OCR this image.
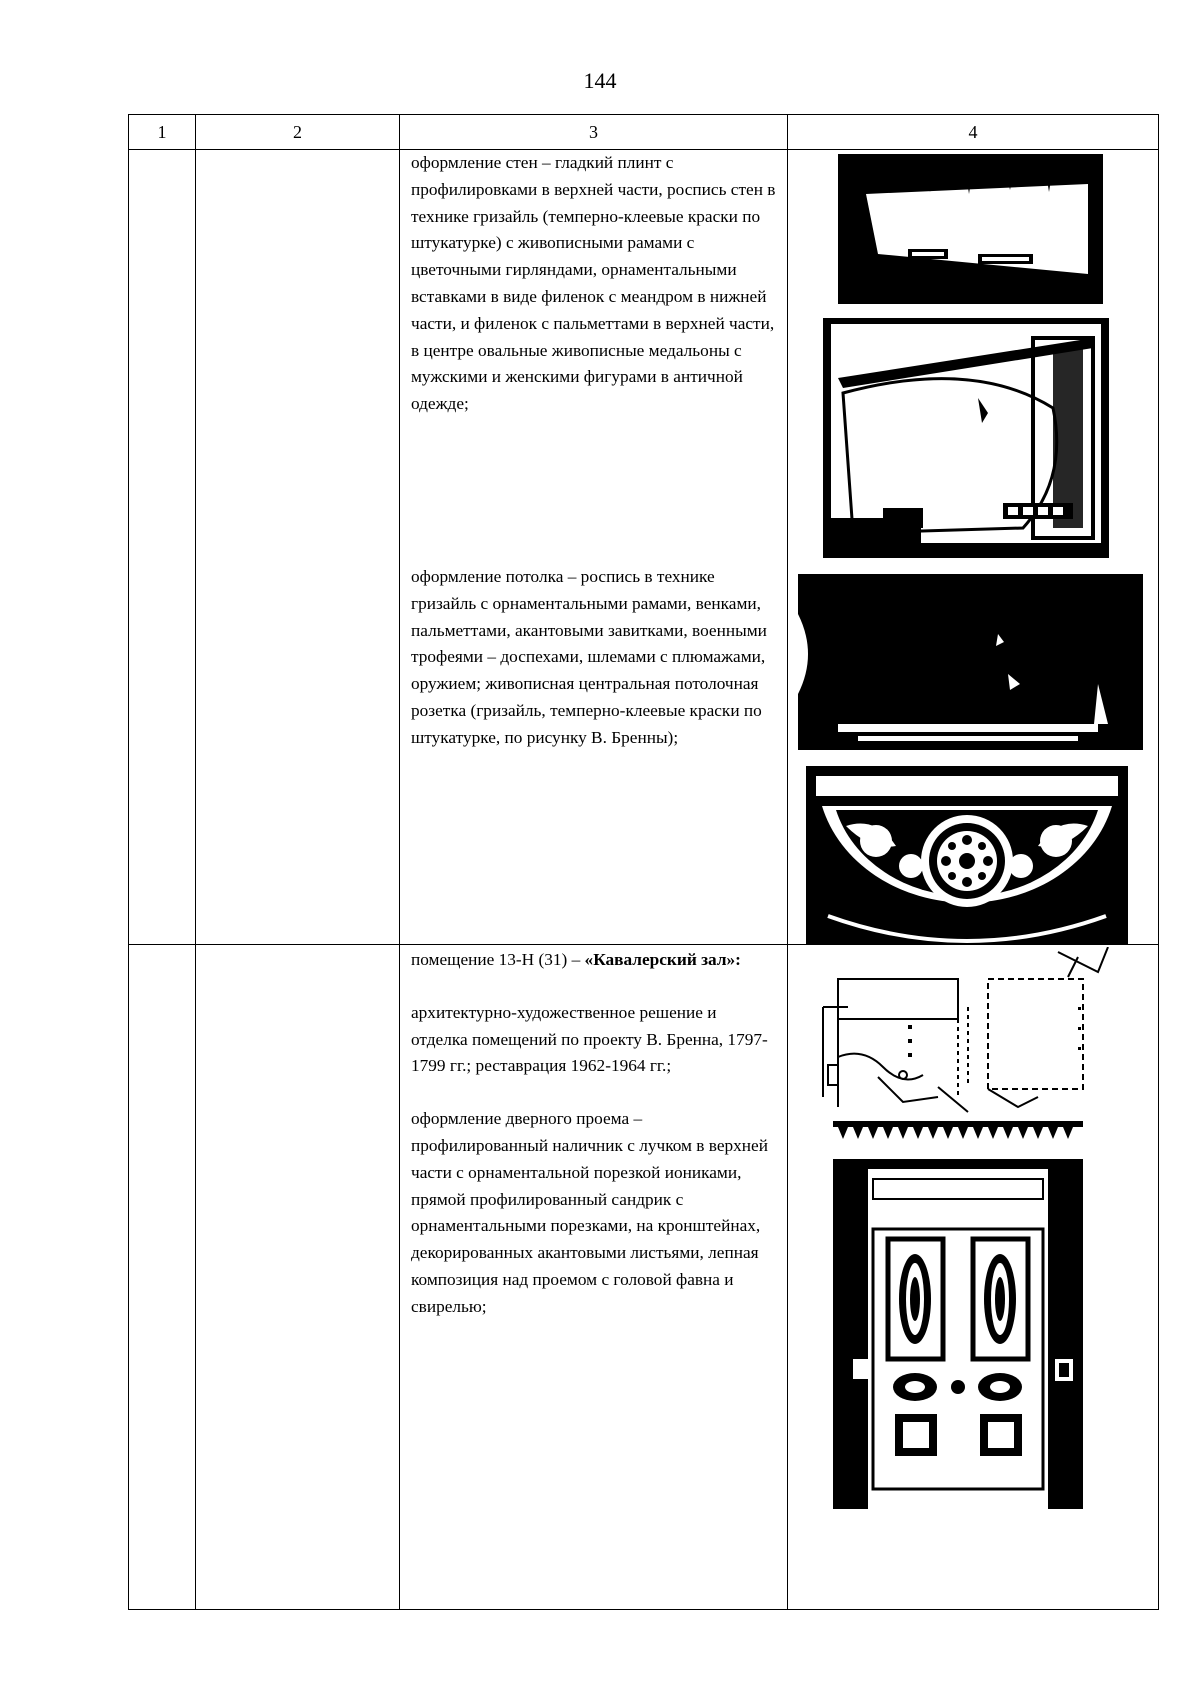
144
1	2	3	4

		оформление стен – гладкий плинт с профилировками в верхней части, роспись стен в технике гризайль (темперно-клеевые краски по штукатурке) с живописными рамами с цветочными гирляндами, орнаментальными вставками в виде филенок с меандром в нижней части, и филенок с пальметтами в верхней части, в центре овальные живописные медальоны с мужскими и женскими фигурами в античной одежде;
оформление потолка – роспись в технике гризайль с орнаментальными рамами, венками, пальметтами, акантовыми завитками, военными трофеями – доспехами, шлемами с плюмажами, оружием; живописная центральная потолочная розетка (гризайль, темперно-клеевые краски по штукатурке, по рисунку В. Бренны);

		помещение 13-Н (31) – «Кавалерский зал»:
архитектурно-художественное решение и отделка помещений по проекту В. Бренна, 1797-1799 гг.; реставрация 1962-1964 гг.;
оформление дверного проема – профилированный наличник с лучком в верхней части с орнаментальной порезкой иониками, прямой профилированный сандрик с орнаментальными порезками, на кронштейнах, декорированных акантовыми листьями, лепная композиция над проемом с головой фавна и свирелью;
